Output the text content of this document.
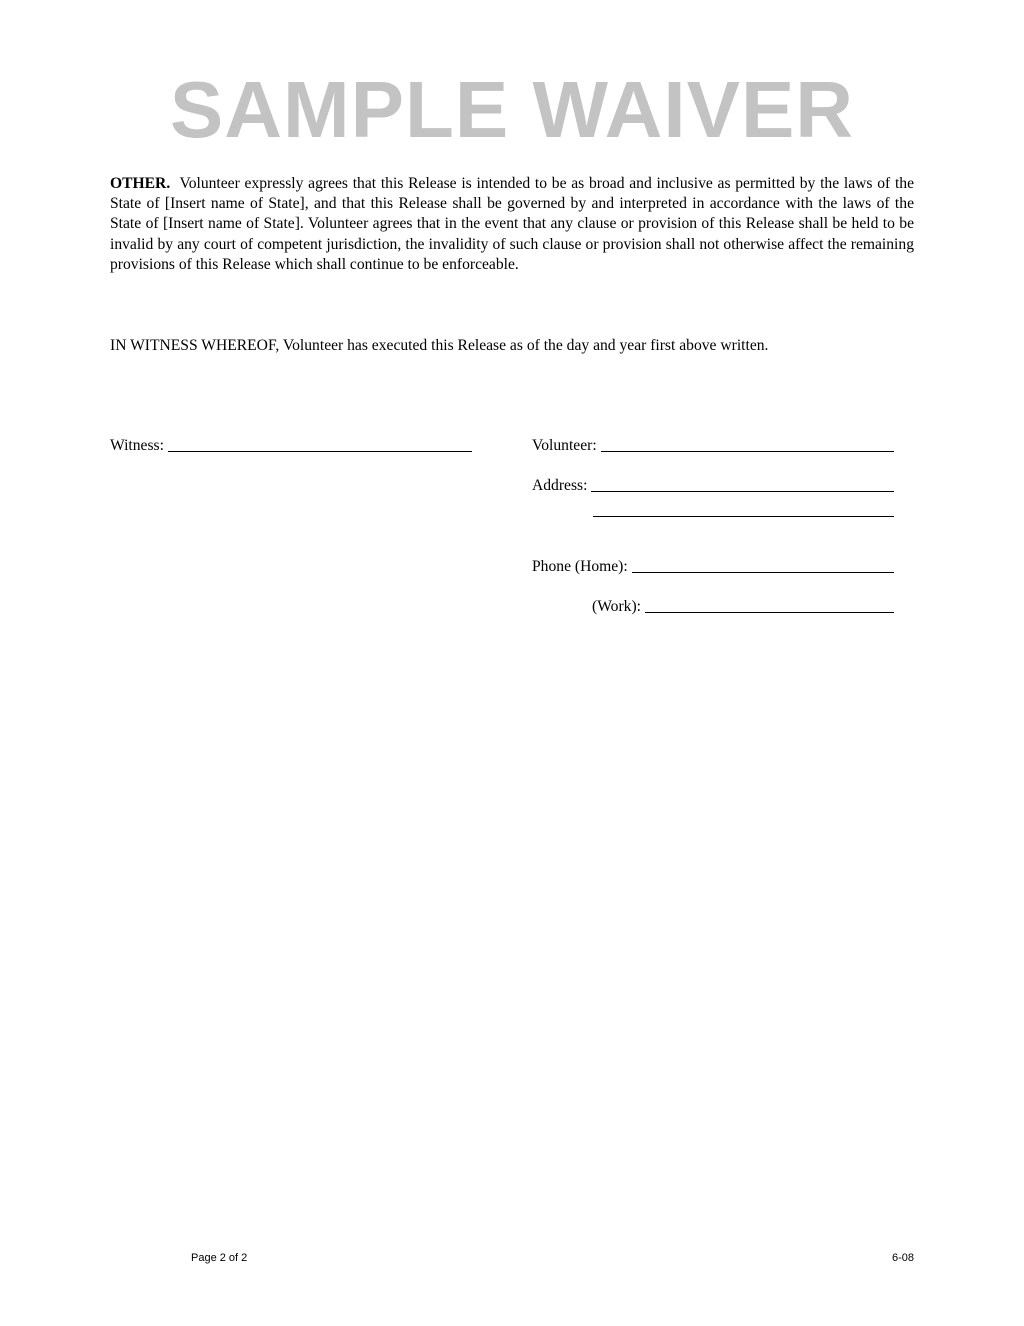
SAMPLE WAIVER
OTHER. Volunteer expressly agrees that this Release is intended to be as broad and inclusive as permitted by the laws of the State of [Insert name of State], and that this Release shall be governed by and interpreted in accordance with the laws of the State of [Insert name of State]. Volunteer agrees that in the event that any clause or provision of this Release shall be held to be invalid by any court of competent jurisdiction, the invalidity of such clause or provision shall not otherwise affect the remaining provisions of this Release which shall continue to be enforceable.
IN WITNESS WHEREOF, Volunteer has executed this Release as of the day and year first above written.
Witness:	Volunteer:
Address:
Phone (Home):
(Work):
Page 2 of 2	6-08
